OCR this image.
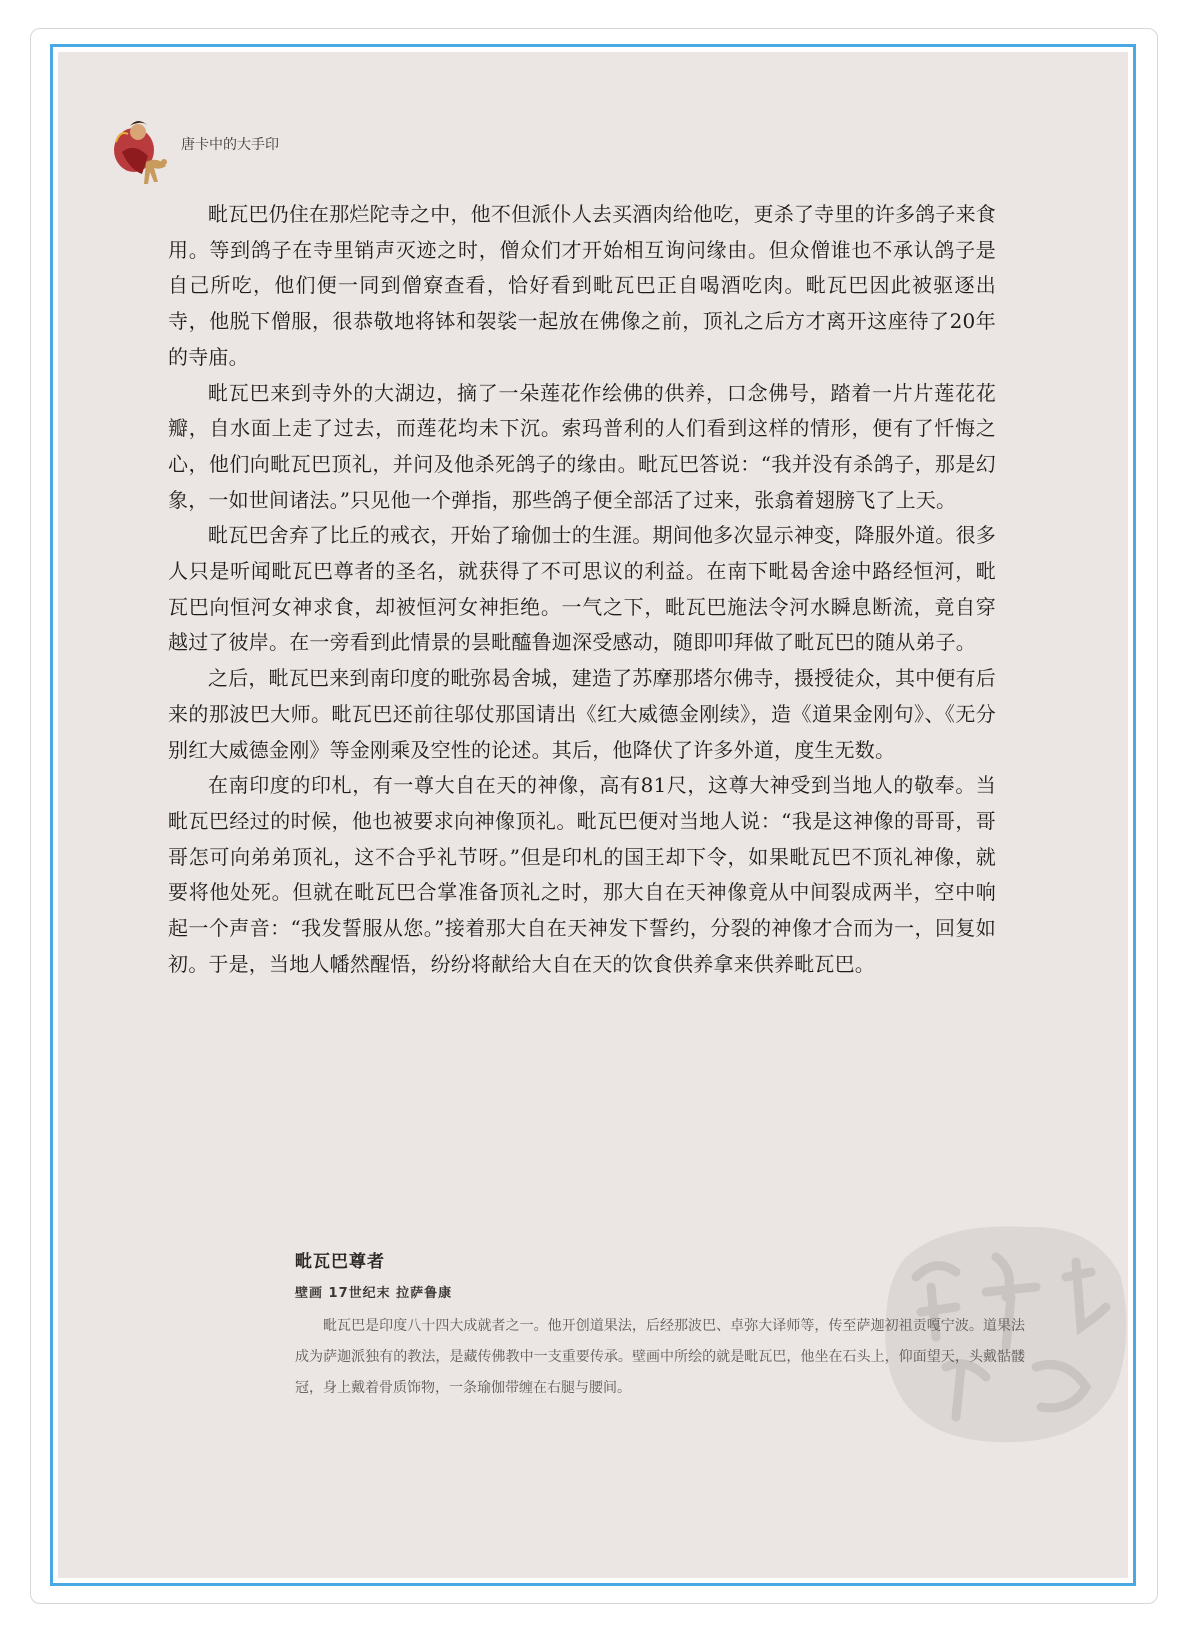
唐卡中的大手印

毗瓦巴仍住在那烂陀寺之中，他不但派仆人去买酒肉给他吃，更杀了寺里的许多鸽子来食用。等到鸽子在寺里销声灭迹之时，僧众们才开始相互询问缘由。但众僧谁也不承认鸽子是自己所吃，他们便一同到僧寮查看，恰好看到毗瓦巴正自喝酒吃肉。毗瓦巴因此被驱逐出寺，他脱下僧服，很恭敬地将钵和袈裟一起放在佛像之前，顶礼之后方才离开这座待了20年的寺庙。

毗瓦巴来到寺外的大湖边，摘了一朵莲花作绘佛的供养，口念佛号，踏着一片片莲花花瓣，自水面上走了过去，而莲花均未下沉。索玛普利的人们看到这样的情形，便有了忏悔之心，他们向毗瓦巴顶礼，并问及他杀死鸽子的缘由。毗瓦巴答说：“我并没有杀鸽子，那是幻象，一如世间诸法。”只见他一个弹指，那些鸽子便全部活了过来，张翕着翅膀飞了上天。

毗瓦巴舍弃了比丘的戒衣，开始了瑜伽士的生涯。期间他多次显示神变，降服外道。很多人只是听闻毗瓦巴尊者的圣名，就获得了不可思议的利益。在南下毗曷舍途中路经恒河，毗瓦巴向恒河女神求食，却被恒河女神拒绝。一气之下，毗瓦巴施法令河水瞬息断流，竟自穿越过了彼岸。在一旁看到此情景的昙毗醯鲁迦深受感动，随即叩拜做了毗瓦巴的随从弟子。

之后，毗瓦巴来到南印度的毗弥曷舍城，建造了苏摩那塔尔佛寺，摄授徒众，其中便有后来的那波巴大师。毗瓦巴还前往邬仗那国请出《红大威德金刚续》，造《道果金刚句》、《无分别红大威德金刚》等金刚乘及空性的论述。其后，他降伏了许多外道，度生无数。

在南印度的印札，有一尊大自在天的神像，高有81尺，这尊大神受到当地人的敬奉。当毗瓦巴经过的时候，他也被要求向神像顶礼。毗瓦巴便对当地人说：“我是这神像的哥哥，哥哥怎可向弟弟顶礼，这不合乎礼节呀。”但是印札的国王却下令，如果毗瓦巴不顶礼神像，就要将他处死。但就在毗瓦巴合掌准备顶礼之时，那大自在天神像竟从中间裂成两半，空中响起一个声音：“我发誓服从您。”接着那大自在天神发下誓约，分裂的神像才合而为一，回复如初。于是，当地人幡然醒悟，纷纷将献给大自在天的饮食供养拿来供养毗瓦巴。

毗瓦巴尊者
壁画 17世纪末 拉萨鲁康
毗瓦巴是印度八十四大成就者之一。他开创道果法，后经那波巴、卓弥大译师等，传至萨迦初祖贡嘎宁波。道果法成为萨迦派独有的教法，是藏传佛教中一支重要传承。壁画中所绘的就是毗瓦巴，他坐在石头上，仰面望天，头戴骷髅冠，身上戴着骨质饰物，一条瑜伽带缠在右腿与腰间。
